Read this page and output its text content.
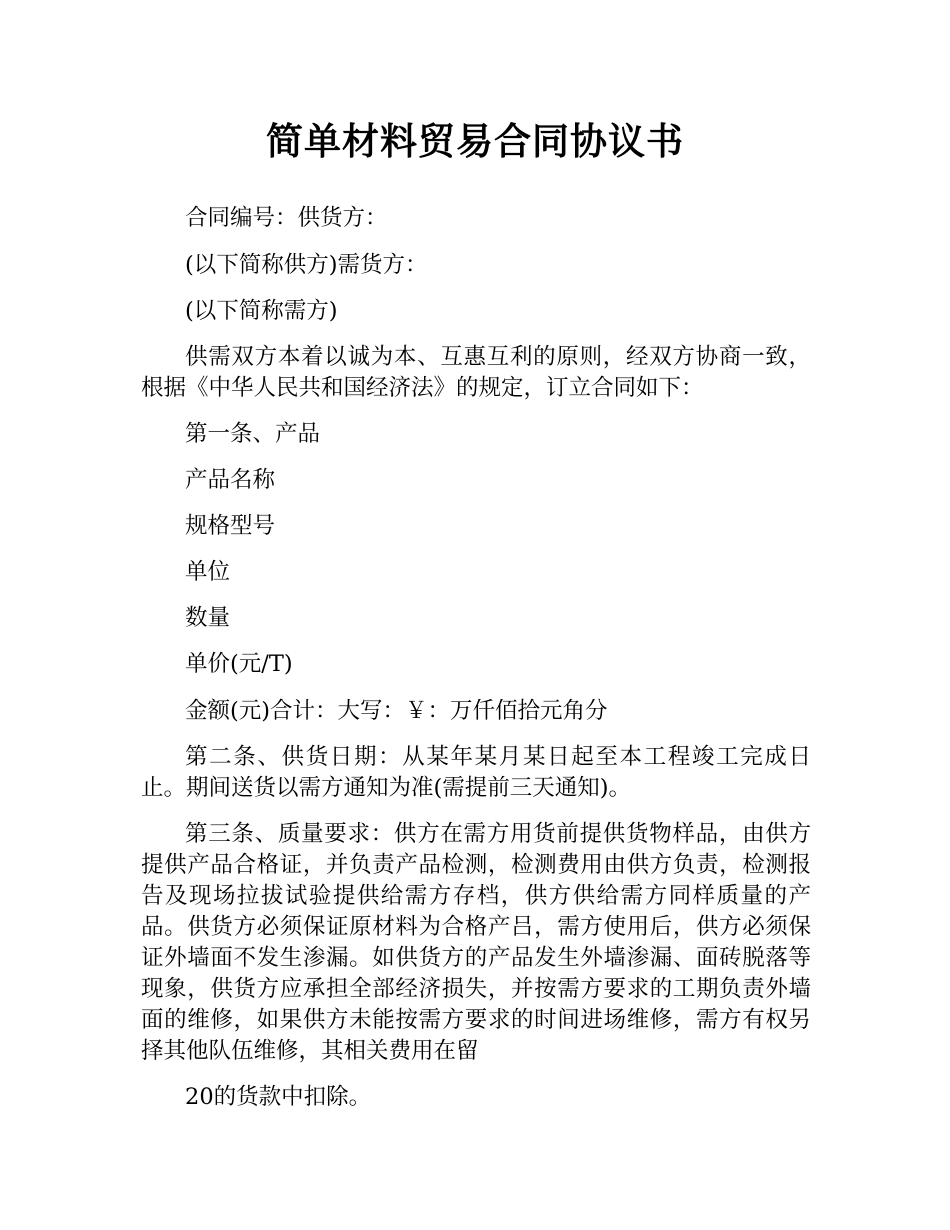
简单材料贸易合同协议书

合同编号：供货方：

(以下简称供方)需货方：

(以下简称需方)

供需双方本着以诚为本、互惠互利的原则，经双方协商一致，根据《中华人民共和国经济法》的规定，订立合同如下：

第一条、产品

产品名称

规格型号

单位

数量

单价(元/T)

金额(元)合计：大写：￥：万仟佰拾元角分

第二条、供货日期：从某年某月某日起至本工程竣工完成日止。期间送货以需方通知为准(需提前三天通知)。

第三条、质量要求：供方在需方用货前提供货物样品，由供方提供产品合格证，并负责产品检测，检测费用由供方负责，检测报告及现场拉拔试验提供给需方存档，供方供给需方同样质量的产品。供货方必须保证原材料为合格产吕，需方使用后，供方必须保证外墙面不发生渗漏。如供货方的产品发生外墙渗漏、面砖脱落等现象，供货方应承担全部经济损失，并按需方要求的工期负责外墙面的维修，如果供方未能按需方要求的时间进场维修，需方有权另择其他队伍维修，其相关费用在留

20的货款中扣除。
